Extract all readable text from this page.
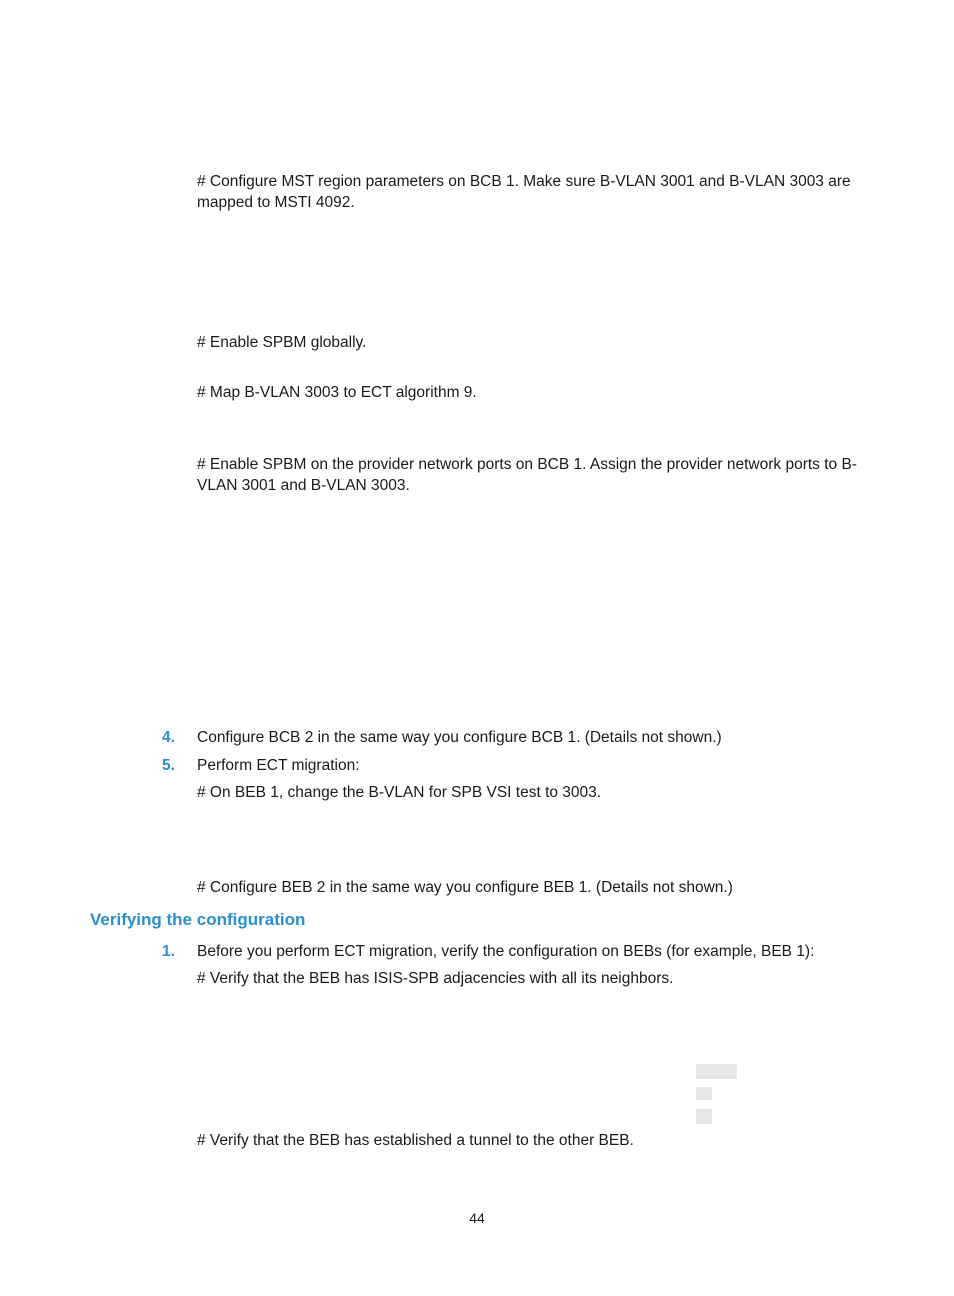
# Configure MST region parameters on BCB 1. Make sure B-VLAN 3001 and B-VLAN 3003 are mapped to MSTI 4092.
# Enable SPBM globally.
# Map B-VLAN 3003 to ECT algorithm 9.
# Enable SPBM on the provider network ports on BCB 1. Assign the provider network ports to B-VLAN 3001 and B-VLAN 3003.
4. Configure BCB 2 in the same way you configure BCB 1. (Details not shown.)
5. Perform ECT migration:
# On BEB 1, change the B-VLAN for SPB VSI test to 3003.
# Configure BEB 2 in the same way you configure BEB 1. (Details not shown.)
Verifying the configuration
1. Before you perform ECT migration, verify the configuration on BEBs (for example, BEB 1):
# Verify that the BEB has ISIS-SPB adjacencies with all its neighbors.
# Verify that the BEB has established a tunnel to the other BEB.
44
